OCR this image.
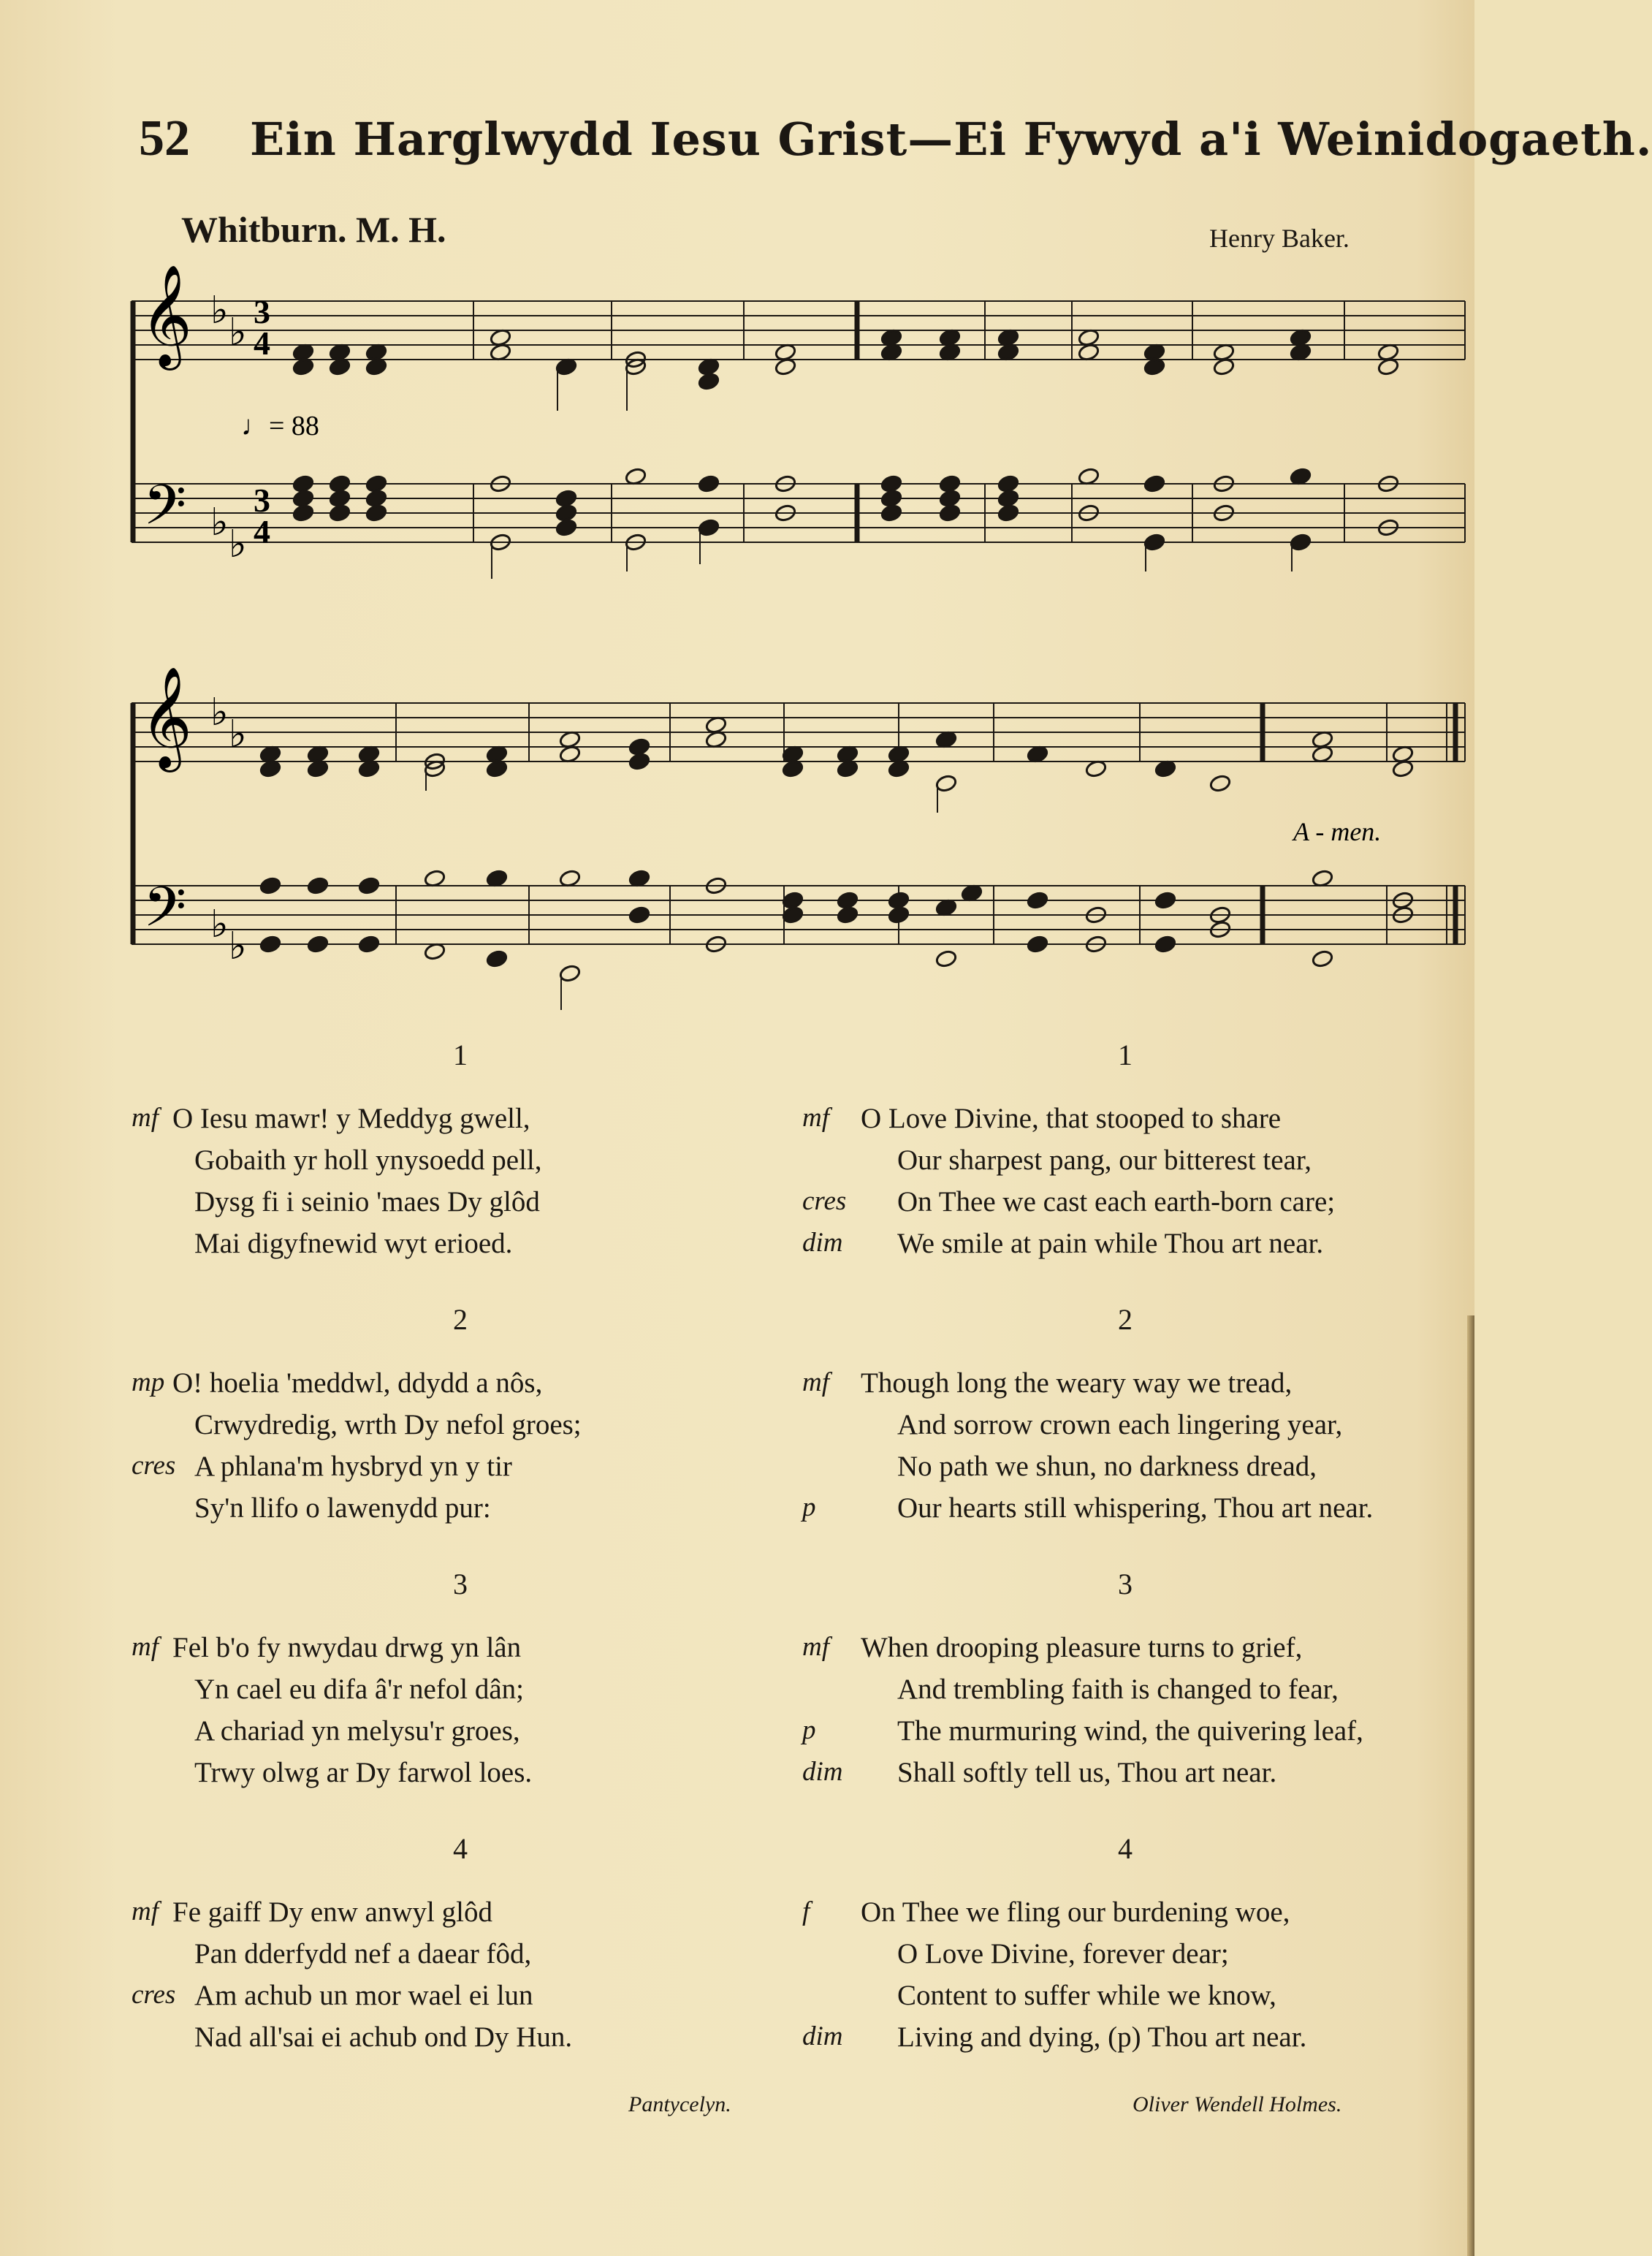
52 Ein Harglwydd Iesu Grist—Ei Fywyd a'i Weinidogaeth.
Whitburn. M. H.	Henry Baker.
♭ ♭
♭ ♭
♭ ♭
♭ ♭
𝄞
𝄢
𝄞
𝄢
3
4
3
4
♩= 88
A - men.
1
mf O Iesu mawr! y Meddyg gwell,
Gobaith yr holl ynysoedd pell,
Dysg fi i seinio 'maes Dy glôd
Mai digyfnewid wyt erioed.
2
mp O! hoelia 'meddwl, ddydd a nôs,
Crwydredig, wrth Dy nefol groes;
cres A phlana'm hysbryd yn y tir
Sy'n llifo o lawenydd pur:
3
mf Fel b'o fy nwydau drwg yn lân
Yn cael eu difa â'r nefol dân;
A chariad yn melysu'r groes,
Trwy olwg ar Dy farwol loes.
4
mf Fe gaiff Dy enw anwyl glôd
Pan dderfydd nef a daear fôd,
cres Am achub un mor wael ei lun
Nad all'sai ei achub ond Dy Hun.
Pantycelyn.
1
mf O Love Divine, that stooped to share
Our sharpest pang, our bitterest tear,
cres On Thee we cast each earth-born care;
dim We smile at pain while Thou art near.
2
mf Though long the weary way we tread,
And sorrow crown each lingering year,
No path we shun, no darkness dread,
p	Our hearts still whispering, Thou art near.
3
mf When drooping pleasure turns to grief,
And trembling faith is changed to fear,
p	The murmuring wind, the quivering leaf,
dim Shall softly tell us, Thou art near.
4
f On Thee we fling our burdening woe,
O Love Divine, forever dear;
Content to suffer while we know,
dim Living and dying, (p) Thou art near.
Oliver Wendell Holmes.
